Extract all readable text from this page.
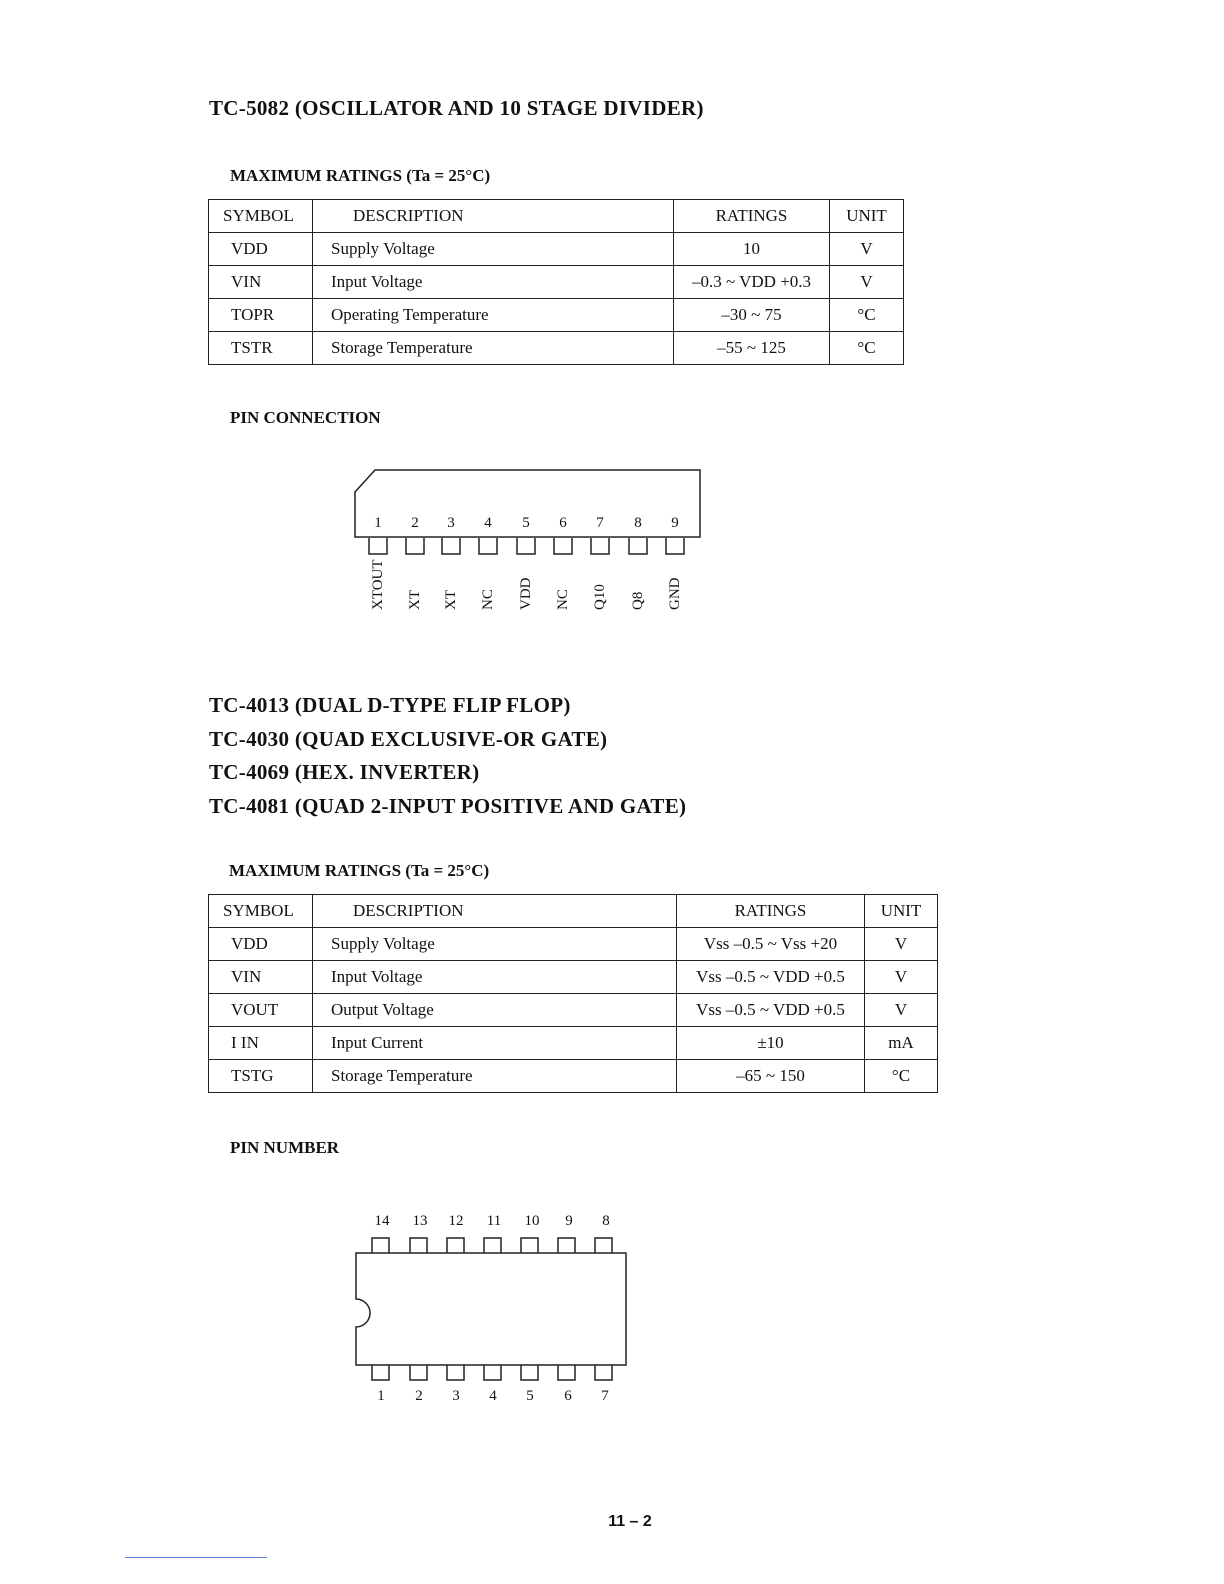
TC-5082 (OSCILLATOR AND 10 STAGE DIVIDER)
MAXIMUM RATINGS (Ta = 25°C)
SYMBOL	DESCRIPTION	RATINGS	UNIT
VDD	Supply Voltage	10	V
VIN	Input Voltage	–0.3 ~ VDD +0.3	V
TOPR	Operating Temperature	–30 ~ 75	°C
TSTR	Storage Temperature	–55 ~ 125	°C
PIN CONNECTION
1	2	3	4	5	6	7	8	9
XTOUT XT XT NC VDD NC Q10 Q8 GND
TC-4013 (DUAL D-TYPE FLIP FLOP)
TC-4030 (QUAD EXCLUSIVE-OR GATE)
TC-4069 (HEX. INVERTER)
TC-4081 (QUAD 2-INPUT POSITIVE AND GATE)
MAXIMUM RATINGS (Ta = 25°C)
SYMBOL	DESCRIPTION	RATINGS	UNIT
VDD	Supply Voltage	Vss –0.5 ~ Vss +20	V
VIN	Input Voltage	Vss –0.5 ~ VDD +0.5	V
VOUT	Output Voltage	Vss –0.5 ~ VDD +0.5	V
I IN	Input Current	±10	mA
TSTG	Storage Temperature	–65 ~ 150	°C
PIN NUMBER
14	13	12	11	10	9	8
1	2	3	4	5	6	7
11 – 2
